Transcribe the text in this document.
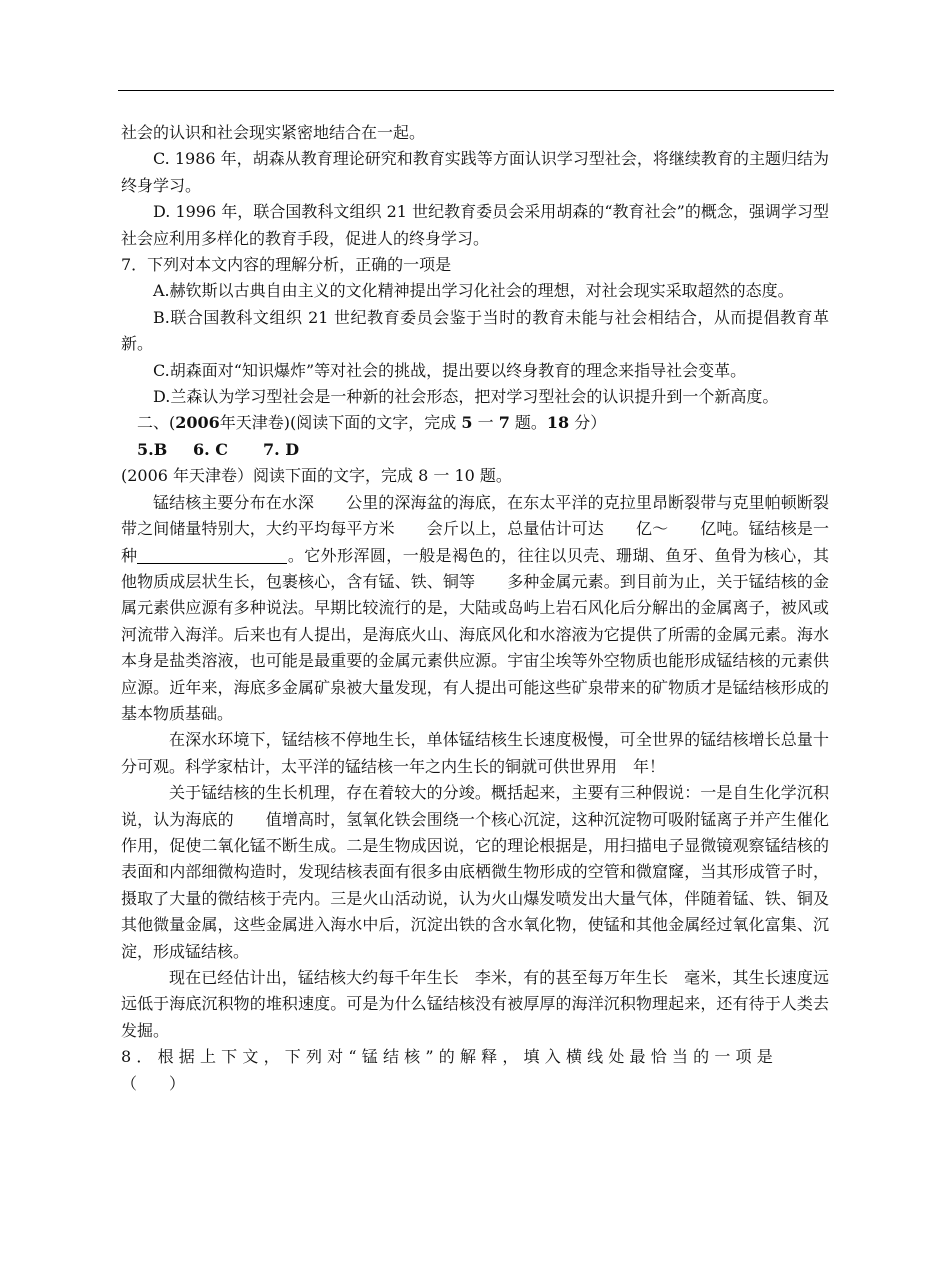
社会的认识和社会现实紧密地结合在一起。

C. 1986 年，胡森从教育理论研究和教育实践等方面认识学习型社会，将继续教育的主题归结为终身学习。

D. 1996 年，联合国教科文组织 21 世纪教育委员会采用胡森的“教育社会”的概念，强调学习型社会应利用多样化的教育手段，促进人的终身学习。

7．下列对本文内容的理解分析，正确的一项是

A.赫钦斯以古典自由主义的文化精神提出学习化社会的理想，对社会现实采取超然的态度。

B.联合国教科文组织 21 世纪教育委员会鉴于当时的教育未能与社会相结合，从而提倡教育革新。

C.胡森面对“知识爆炸”等对社会的挑战，提出要以终身教育的理念来指导社会变革。

D.兰森认为学习型社会是一种新的社会形态，把对学习型社会的认识提升到一个新高度。

二、(2006年天津卷)(阅读下面的文字，完成 5 一 7 题。18 分）

5.B 6. C 7. D

(2006 年天津卷）阅读下面的文字，完成 8 一 10 题。

锰结核主要分布在水深 公里的深海盆的海底，在东太平洋的克拉里昂断裂带与克里帕顿断裂带之间储量特别大，大约平均每平方米 会斤以上，总量估计可达 亿～ 亿吨。锰结核是一种	。它外形浑圆，一般是褐色的，往往以贝壳、珊瑚、鱼牙、鱼骨为核心，其他物质成层状生长，包裹核心，含有锰、铁、铜等 多种金属元素。到目前为止，关于锰结核的金属元素供应源有多种说法。早期比较流行的是，大陆或岛屿上岩石风化后分解出的金属离子，被风或河流带入海洋。后来也有人提出，是海底火山、海底风化和水溶液为它提供了所需的金属元素。海水本身是盐类溶液，也可能是最重要的金属元素供应源。宇宙尘埃等外空物质也能形成锰结核的元素供应源。近年来，海底多金属矿泉被大量发现，有人提出可能这些矿泉带来的矿物质才是锰结核形成的基本物质基础。

在深水环境下，锰结核不停地生长，单体锰结核生长速度极慢，可全世界的锰结核增长总量十分可观。科学家枯计，太平洋的锰结核一年之内生长的铜就可供世界用 年！

关于锰结核的生长机理，存在着较大的分竣。概括起来，主要有三种假说：一是自生化学沉积说，认为海底的 值增高时，氢氧化铁会围绕一个核心沉淀，这种沉淀物可吸附锰离子并产生催化作用，促使二氧化锰不断生成。二是生物成因说，它的理论根据是，用扫描电子显微镜观察锰结核的表面和内部细微构造时，发现结核表面有很多由底栖微生物形成的空管和微窟窿，当其形成管子时，摄取了大量的微结核于壳内。三是火山活动说，认为火山爆发喷发出大量气体，伴随着锰、铁、铜及其他微量金属，这些金属进入海水中后，沉淀出铁的含水氧化物，使锰和其他金属经过氧化富集、沉淀，形成锰结核。

现在已经估计出，锰结核大约每千年生长 李米，有的甚至每万年生长 毫米，其生长速度远远低于海底沉积物的堆积速度。可是为什么锰结核没有被厚厚的海洋沉积物理起来，还有待于人类去发掘。

8．根据上下文，下列对“锰结核”的解释，填入横线处最恰当的一项是

（　　）
